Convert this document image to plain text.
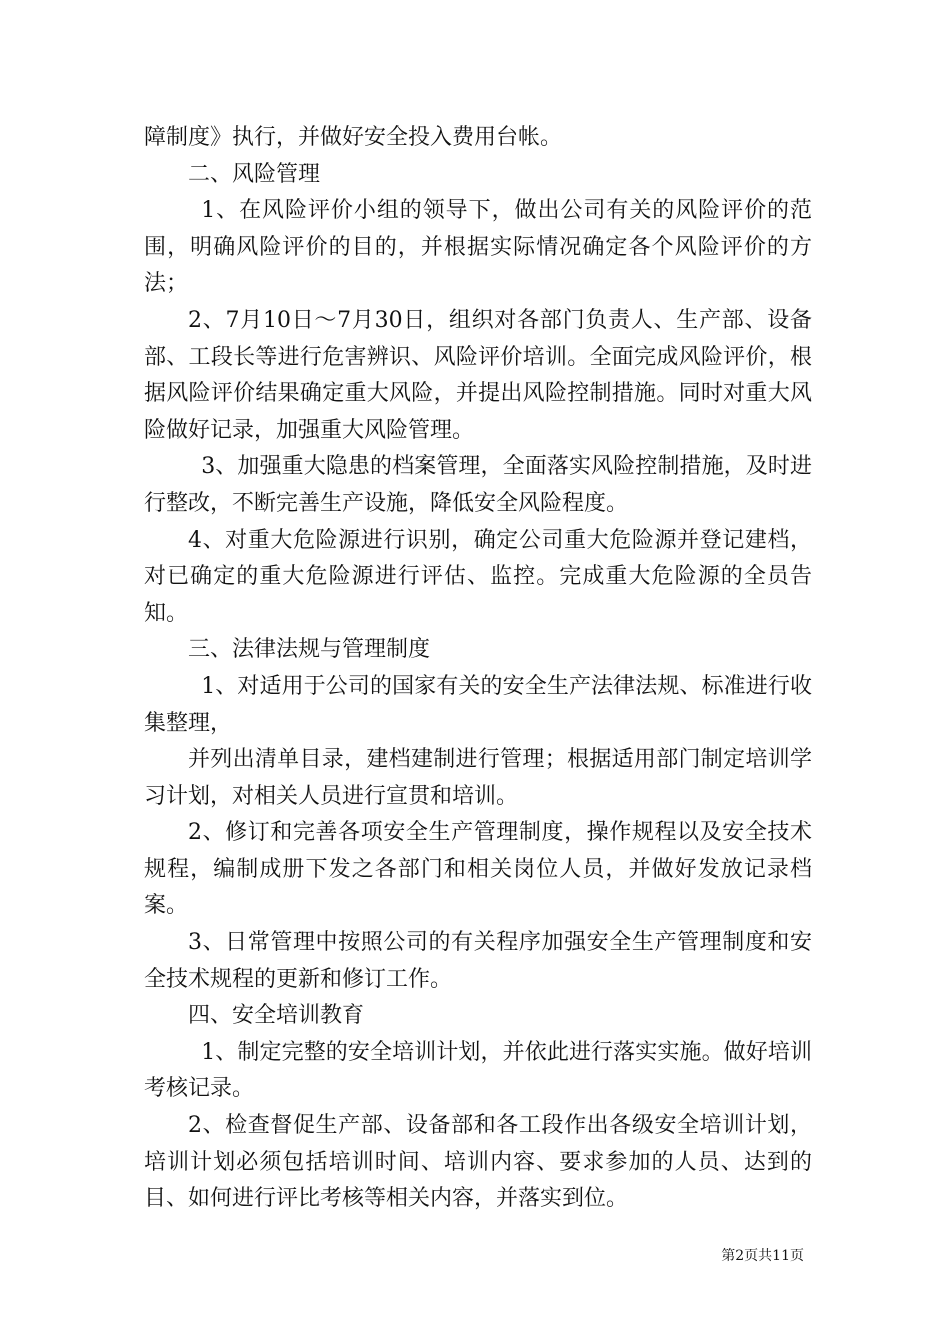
障制度》执行，并做好安全投入费用台帐。

二、风险管理

1、在风险评价小组的领导下，做出公司有关的风险评价的范围，明确风险评价的目的，并根据实际情况确定各个风险评价的方法；

2、7月10日～7月30日，组织对各部门负责人、生产部、设备部、工段长等进行危害辨识、风险评价培训。全面完成风险评价，根据风险评价结果确定重大风险，并提出风险控制措施。同时对重大风险做好记录，加强重大风险管理。

3、加强重大隐患的档案管理，全面落实风险控制措施，及时进行整改，不断完善生产设施，降低安全风险程度。

4、对重大危险源进行识别，确定公司重大危险源并登记建档，对已确定的重大危险源进行评估、监控。完成重大危险源的全员告知。

三、法律法规与管理制度

1、对适用于公司的国家有关的安全生产法律法规、标准进行收集整理，

并列出清单目录，建档建制进行管理；根据适用部门制定培训学习计划，对相关人员进行宣贯和培训。

2、修订和完善各项安全生产管理制度，操作规程以及安全技术规程，编制成册下发之各部门和相关岗位人员，并做好发放记录档案。

3、日常管理中按照公司的有关程序加强安全生产管理制度和安全技术规程的更新和修订工作。

四、安全培训教育

1、制定完整的安全培训计划，并依此进行落实实施。做好培训考核记录。

2、检查督促生产部、设备部和各工段作出各级安全培训计划，培训计划必须包括培训时间、培训内容、要求参加的人员、达到的目、如何进行评比考核等相关内容，并落实到位。

第2页共11页
